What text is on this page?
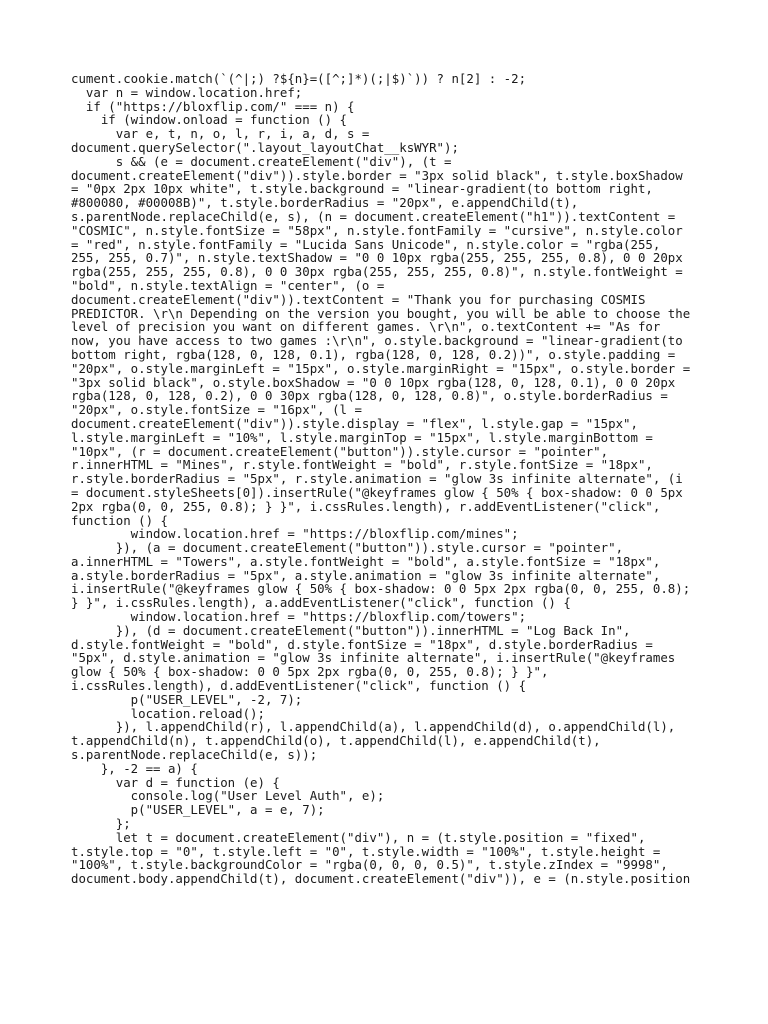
cument.cookie.match(`(^|;) ?${n}=([^;]*)(;|$)`)) ? n[2] : -2;
var n = window.location.href;
if ("https://bloxflip.com/" === n) {
if (window.onload = function () {
var e, t, n, o, l, r, i, a, d, s =
document.querySelector(".layout_layoutChat__ksWYR");
s && (e = document.createElement("div"), (t =
document.createElement("div")).style.border = "3px solid black", t.style.boxShadow
= "0px 2px 10px white", t.style.background = "linear-gradient(to bottom right,
#800080, #00008B)", t.style.borderRadius = "20px", e.appendChild(t),
s.parentNode.replaceChild(e, s), (n = document.createElement("h1")).textContent =
"COSMIC", n.style.fontSize = "58px", n.style.fontFamily = "cursive", n.style.color
= "red", n.style.fontFamily = "Lucida Sans Unicode", n.style.color = "rgba(255,
255, 255, 0.7)", n.style.textShadow = "0 0 10px rgba(255, 255, 255, 0.8), 0 0 20px
rgba(255, 255, 255, 0.8), 0 0 30px rgba(255, 255, 255, 0.8)", n.style.fontWeight =
"bold", n.style.textAlign = "center", (o =
document.createElement("div")).textContent = "Thank you for purchasing COSMIS
PREDICTOR. \r\n Depending on the version you bought, you will be able to choose the
level of precision you want on different games. \r\n", o.textContent += "As for
now, you have access to two games :\r\n", o.style.background = "linear-gradient(to
bottom right, rgba(128, 0, 128, 0.1), rgba(128, 0, 128, 0.2))", o.style.padding =
"20px", o.style.marginLeft = "15px", o.style.marginRight = "15px", o.style.border =
"3px solid black", o.style.boxShadow = "0 0 10px rgba(128, 0, 128, 0.1), 0 0 20px
rgba(128, 0, 128, 0.2), 0 0 30px rgba(128, 0, 128, 0.8)", o.style.borderRadius =
"20px", o.style.fontSize = "16px", (l =
document.createElement("div")).style.display = "flex", l.style.gap = "15px",
l.style.marginLeft = "10%", l.style.marginTop = "15px", l.style.marginBottom =
"10px", (r = document.createElement("button")).style.cursor = "pointer",
r.innerHTML = "Mines", r.style.fontWeight = "bold", r.style.fontSize = "18px",
r.style.borderRadius = "5px", r.style.animation = "glow 3s infinite alternate", (i
= document.styleSheets[0]).insertRule("@keyframes glow { 50% { box-shadow: 0 0 5px
2px rgba(0, 0, 255, 0.8); } }", i.cssRules.length), r.addEventListener("click",
function () {
window.location.href = "https://bloxflip.com/mines";
}), (a = document.createElement("button")).style.cursor = "pointer",
a.innerHTML = "Towers", a.style.fontWeight = "bold", a.style.fontSize = "18px",
a.style.borderRadius = "5px", a.style.animation = "glow 3s infinite alternate",
i.insertRule("@keyframes glow { 50% { box-shadow: 0 0 5px 2px rgba(0, 0, 255, 0.8);
} }", i.cssRules.length), a.addEventListener("click", function () {
window.location.href = "https://bloxflip.com/towers";
}), (d = document.createElement("button")).innerHTML = "Log Back In",
d.style.fontWeight = "bold", d.style.fontSize = "18px", d.style.borderRadius =
"5px", d.style.animation = "glow 3s infinite alternate", i.insertRule("@keyframes
glow { 50% { box-shadow: 0 0 5px 2px rgba(0, 0, 255, 0.8); } }",
i.cssRules.length), d.addEventListener("click", function () {
p("USER_LEVEL", -2, 7);
location.reload();
}), l.appendChild(r), l.appendChild(a), l.appendChild(d), o.appendChild(l),
t.appendChild(n), t.appendChild(o), t.appendChild(l), e.appendChild(t),
s.parentNode.replaceChild(e, s));
}, -2 == a) {
var d = function (e) {
console.log("User Level Auth", e);
p("USER_LEVEL", a = e, 7);
};
let t = document.createElement("div"), n = (t.style.position = "fixed",
t.style.top = "0", t.style.left = "0", t.style.width = "100%", t.style.height =
"100%", t.style.backgroundColor = "rgba(0, 0, 0, 0.5)", t.style.zIndex = "9998",
document.body.appendChild(t), document.createElement("div")), e = (n.style.position
